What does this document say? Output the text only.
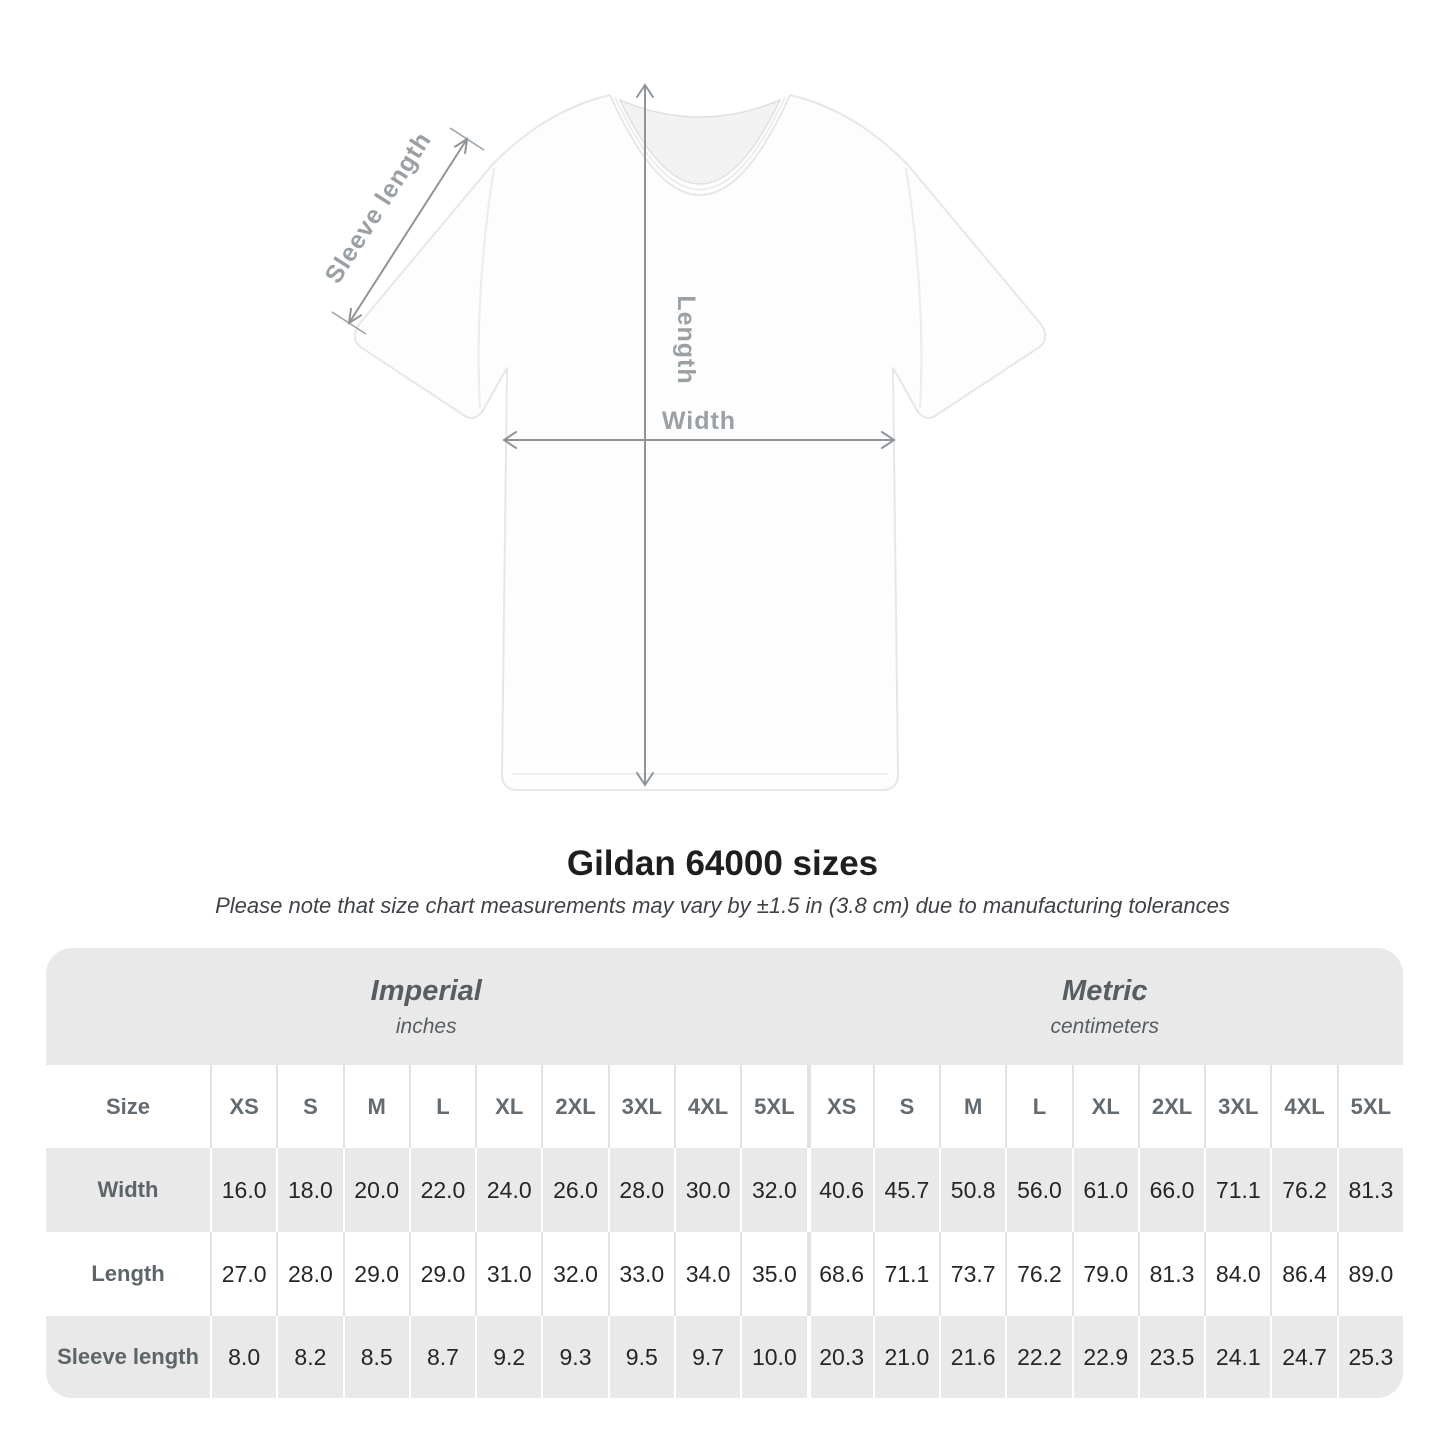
Length
Width
Sleeve length
Gildan 64000 sizes

Please note that size chart measurements may vary by ±1.5 in (3.8 cm) due to manufacturing tolerances

Imperial
inches
Metric
centimeters
Size	XS	S	M	L	XL	2XL	3XL	4XL	5XL	XS	S	M	L	XL	2XL	3XL	4XL	5XL
Width	16.0 18.0 20.0 22.0 24.0 26.0 28.0 30.0 32.0 40.6 45.7 50.8 56.0 61.0 66.0 71.1 76.2 81.3
Length	27.0 28.0 29.0 29.0 31.0 32.0 33.0 34.0 35.0 68.6 71.1 73.7 76.2 79.0 81.3 84.0 86.4 89.0
Sleeve length	8.0	8.2	8.5	8.7	9.2	9.3	9.5	9.7	10.0 20.3 21.0 21.6 22.2 22.9 23.5 24.1 24.7 25.3
